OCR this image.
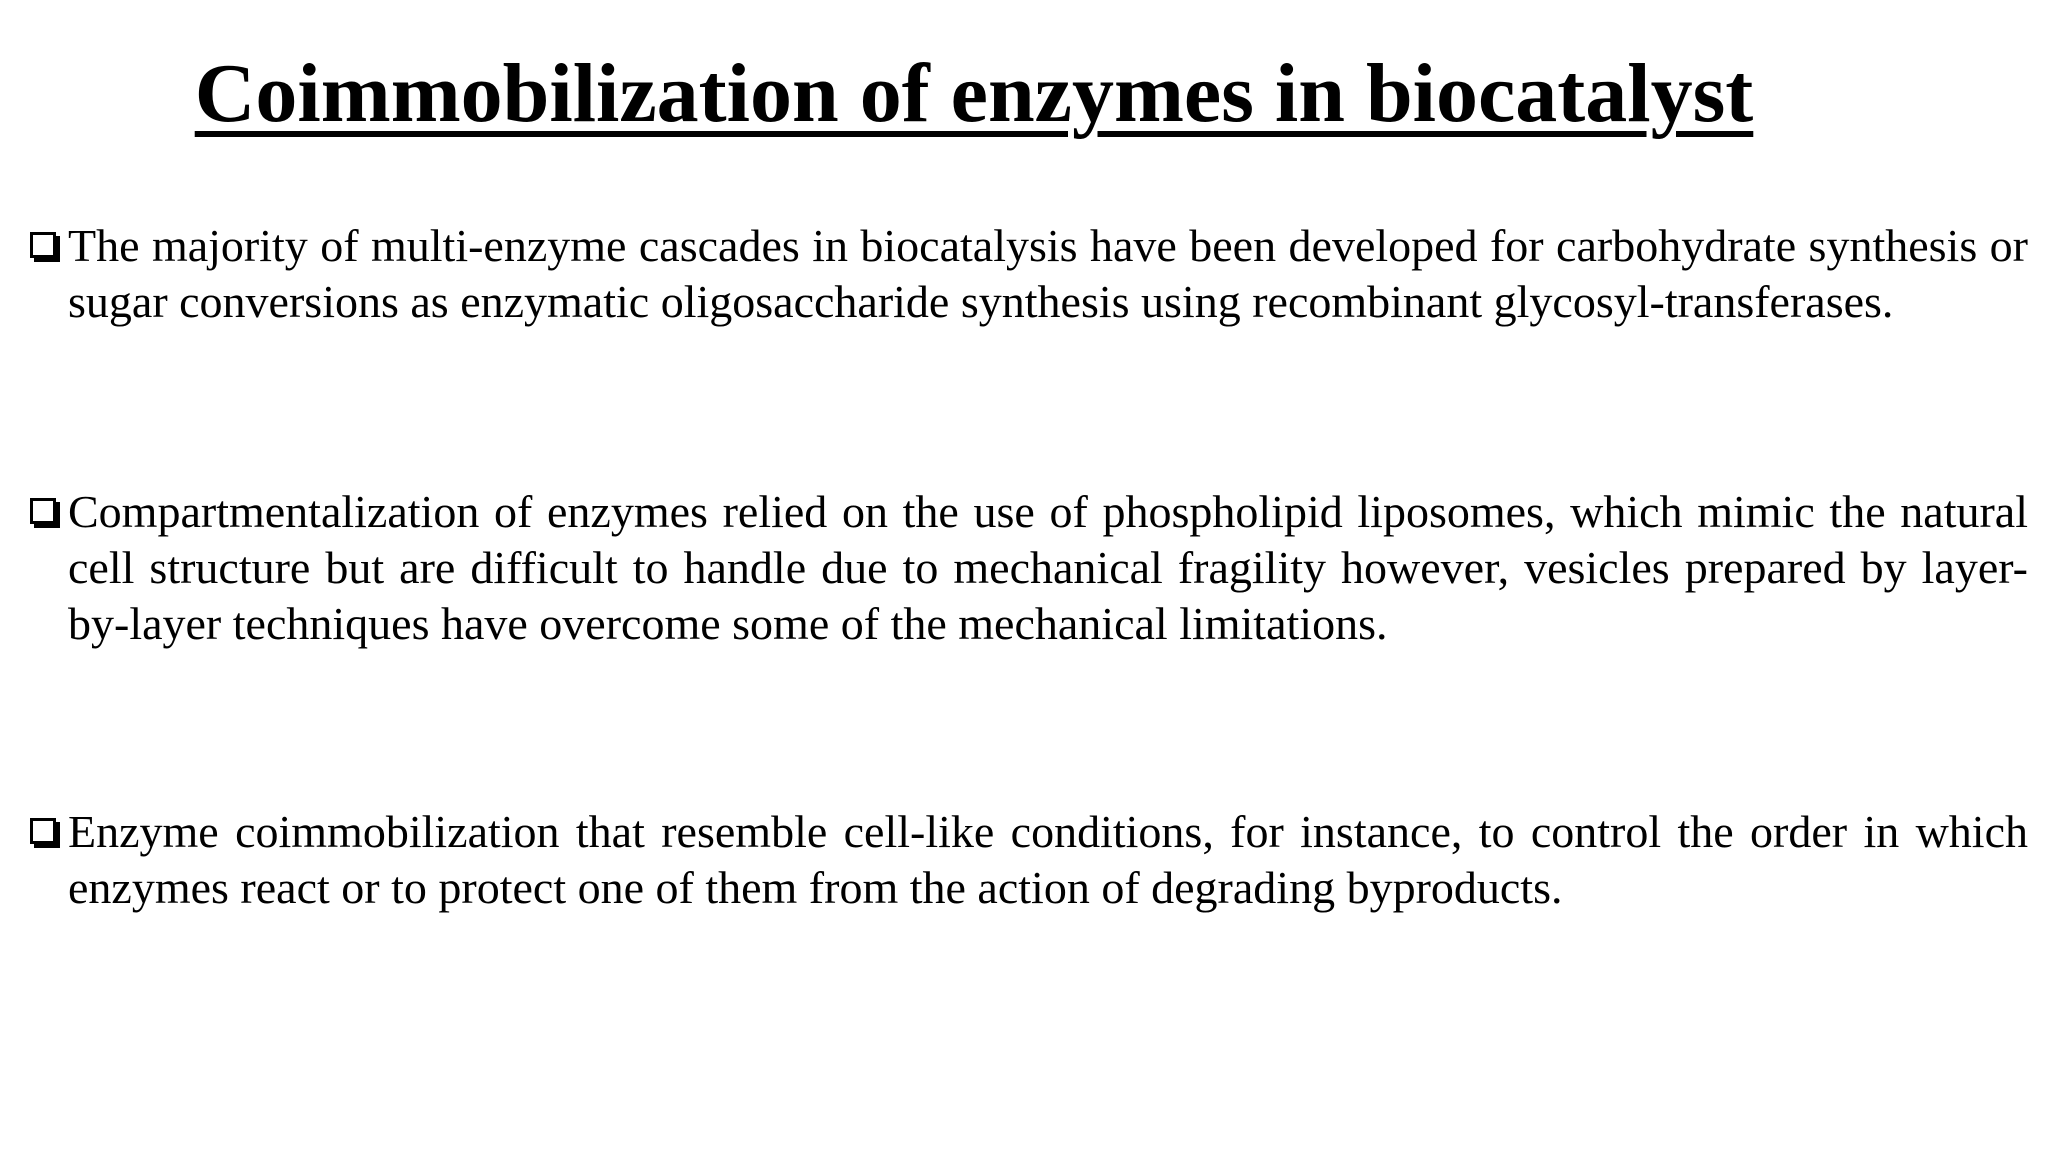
Coimmobilization of enzymes in biocatalyst
The majority of multi-enzyme cascades in biocatalysis have been developed for carbohydrate synthesis or sugar conversions as enzymatic oligosaccharide synthesis using recombinant glycosyl-transferases.
Compartmentalization of enzymes relied on the use of phospholipid liposomes, which mimic the natural cell structure but are difficult to handle due to mechanical fragility however, vesicles prepared by layer-by-layer techniques have overcome some of the mechanical limitations.
Enzyme coimmobilization that resemble cell-like conditions, for instance, to control the order in which enzymes react or to protect one of them from the action of degrading byproducts.
